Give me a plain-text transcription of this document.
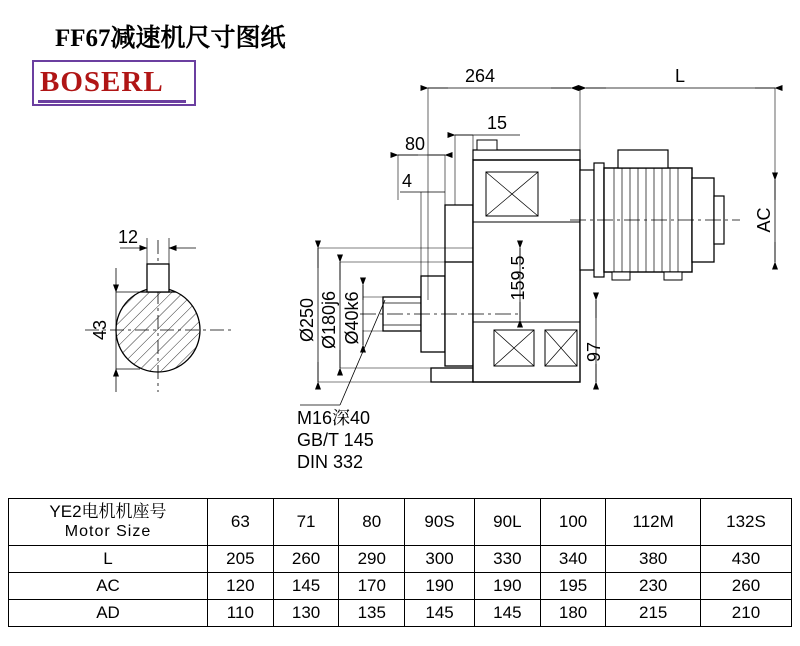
FF67减速机尺寸图纸
BOSERL	264	L
15
80
4
97
159.5
AC
Ø250 Ø180j6 Ø40k6
12
43
M16深40
GB/T 145
DIN 332
YE2电机机座号
Motor Size	63	71	80	90S	90L	100	112M	132S
L	205	260	290	300	330	340	380	430
AC	120	145	170	190	190	195	230	260
AD	110	130	135	145	145	180	215	210
